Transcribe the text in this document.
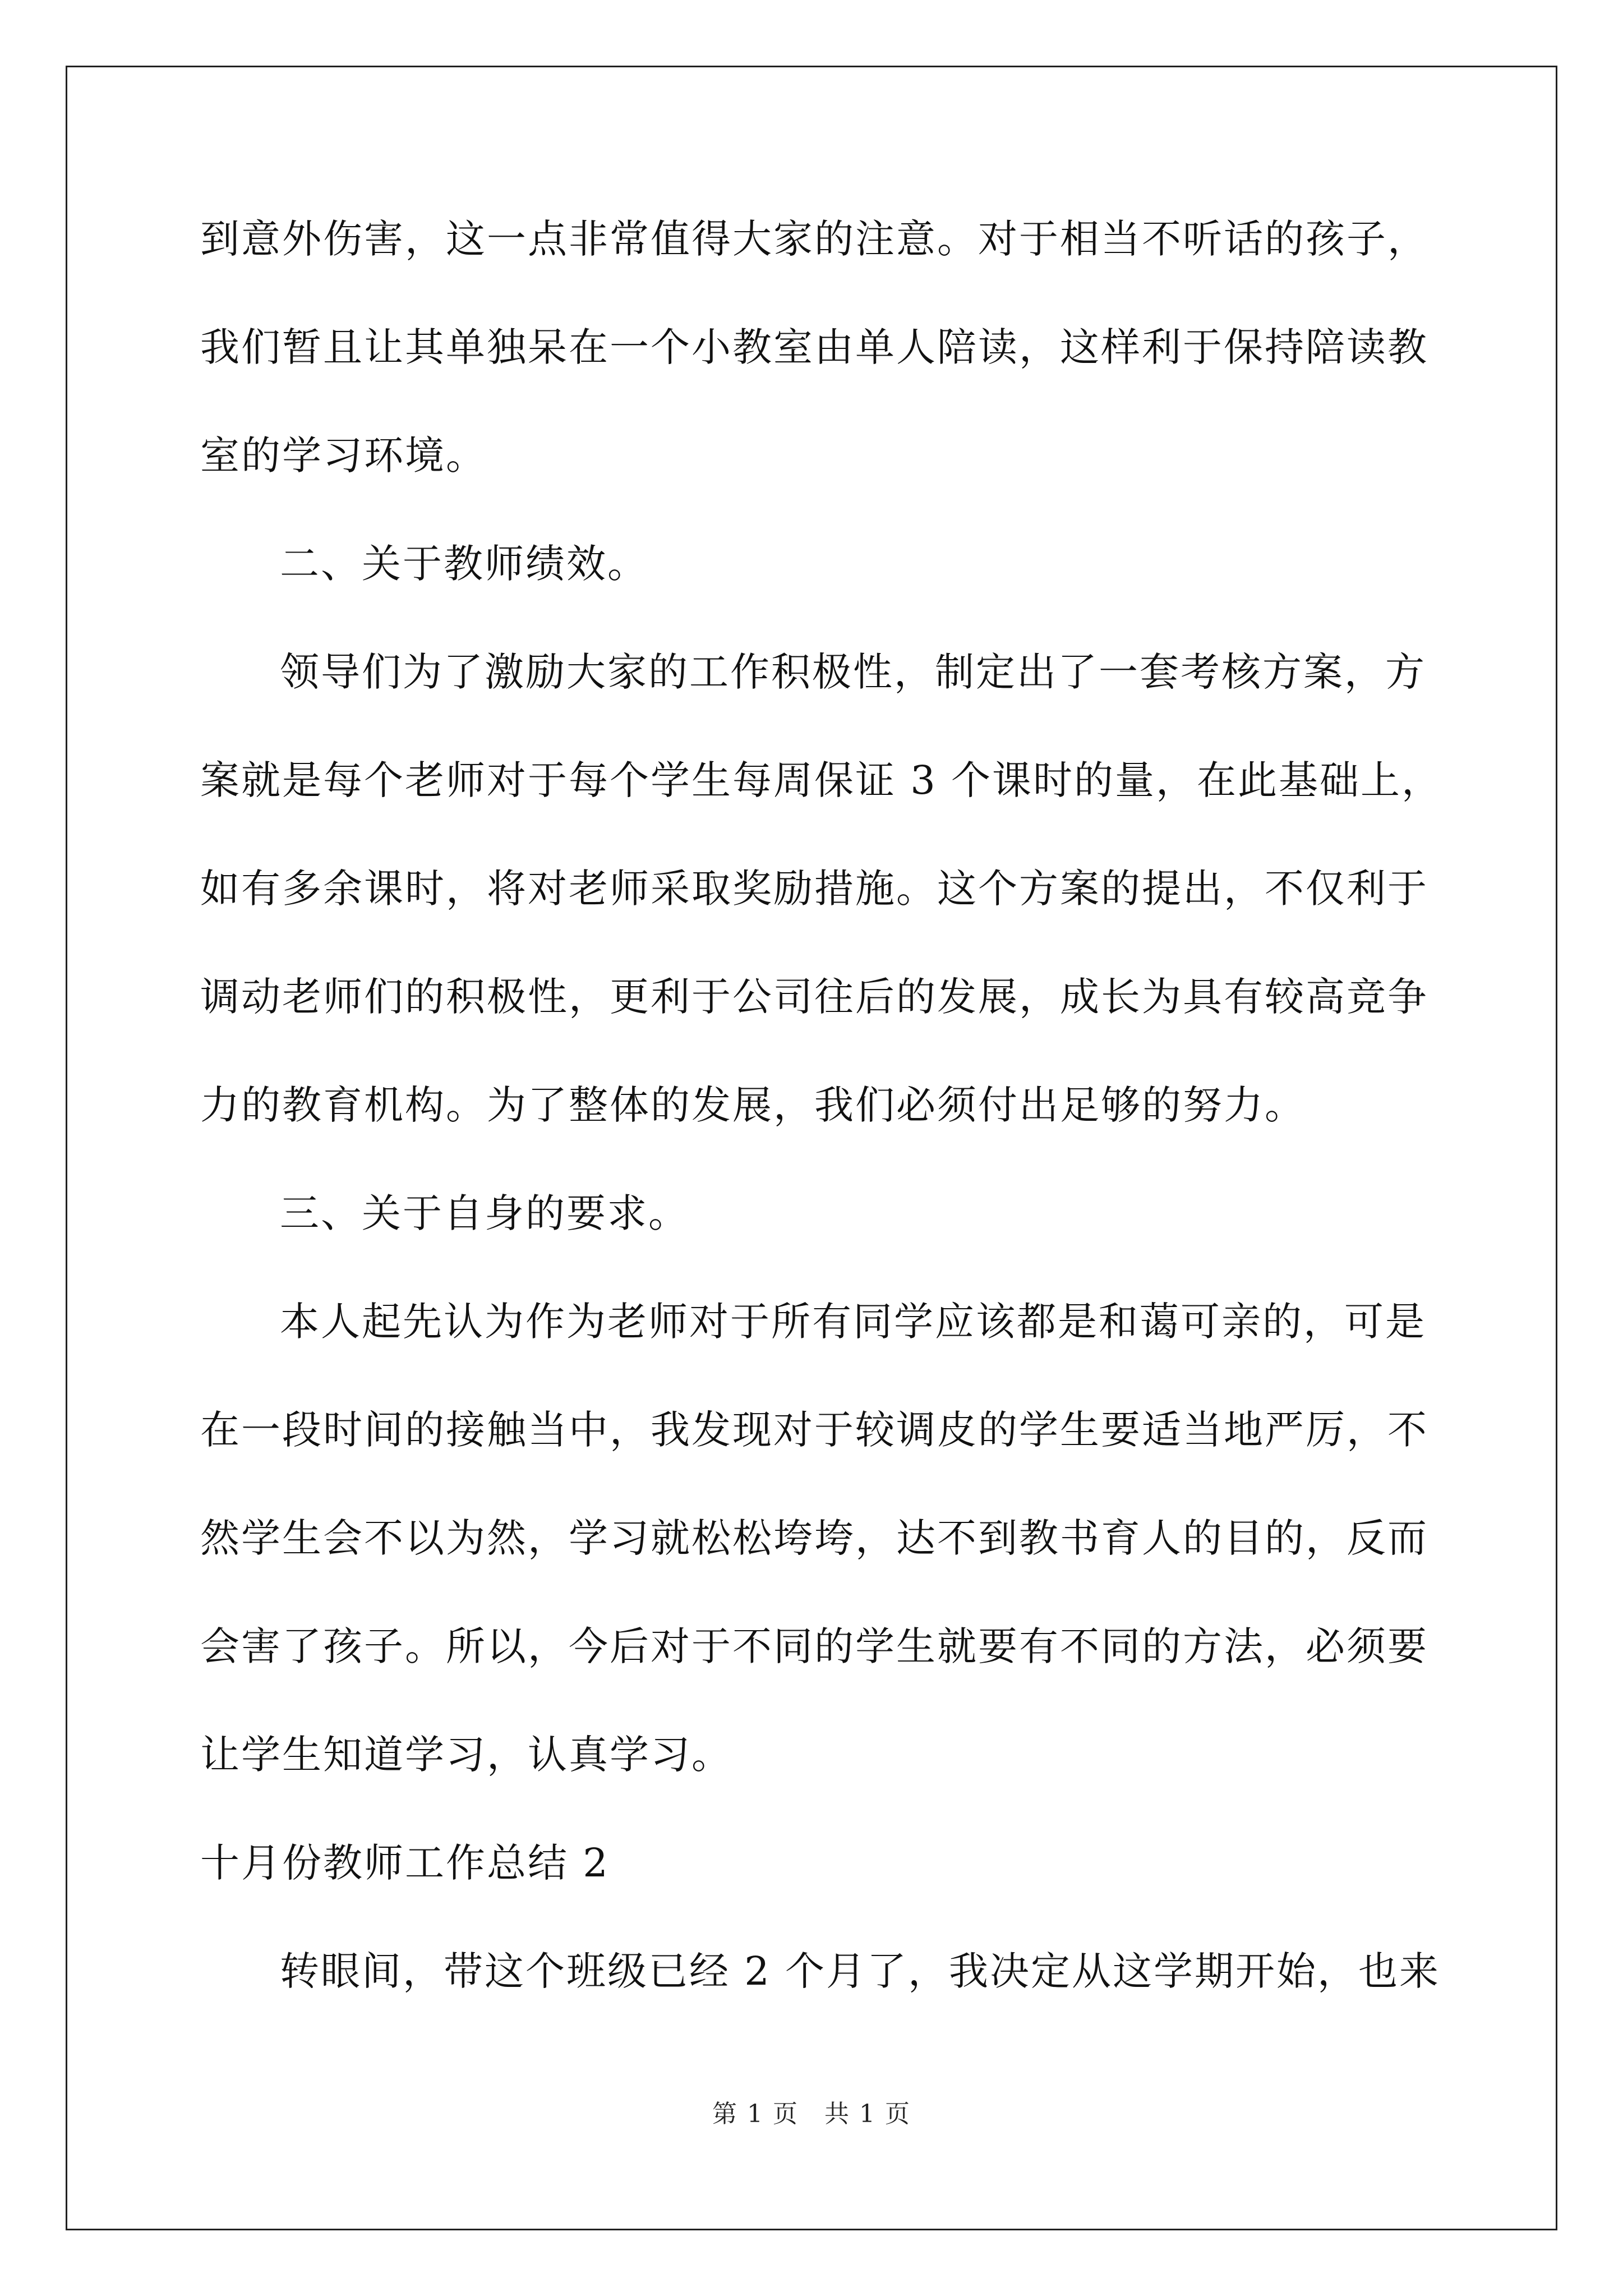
到意外伤害，这一点非常值得大家的注意。对于相当不听话的孩子，
我们暂且让其单独呆在一个小教室由单人陪读，这样利于保持陪读教
室的学习环境。
二、关于教师绩效。
领导们为了激励大家的工作积极性，制定出了一套考核方案，方
案就是每个老师对于每个学生每周保证 3 个课时的量，在此基础上，
如有多余课时，将对老师采取奖励措施。这个方案的提出，不仅利于
调动老师们的积极性，更利于公司往后的发展，成长为具有较高竞争
力的教育机构。为了整体的发展，我们必须付出足够的努力。
三、关于自身的要求。
本人起先认为作为老师对于所有同学应该都是和蔼可亲的，可是
在一段时间的接触当中，我发现对于较调皮的学生要适当地严厉，不
然学生会不以为然，学习就松松垮垮，达不到教书育人的目的，反而
会害了孩子。所以，今后对于不同的学生就要有不同的方法，必须要
让学生知道学习，认真学习。
十月份教师工作总结 2
转眼间，带这个班级已经 2 个月了，我决定从这学期开始，也来
第 1 页　共 1 页
